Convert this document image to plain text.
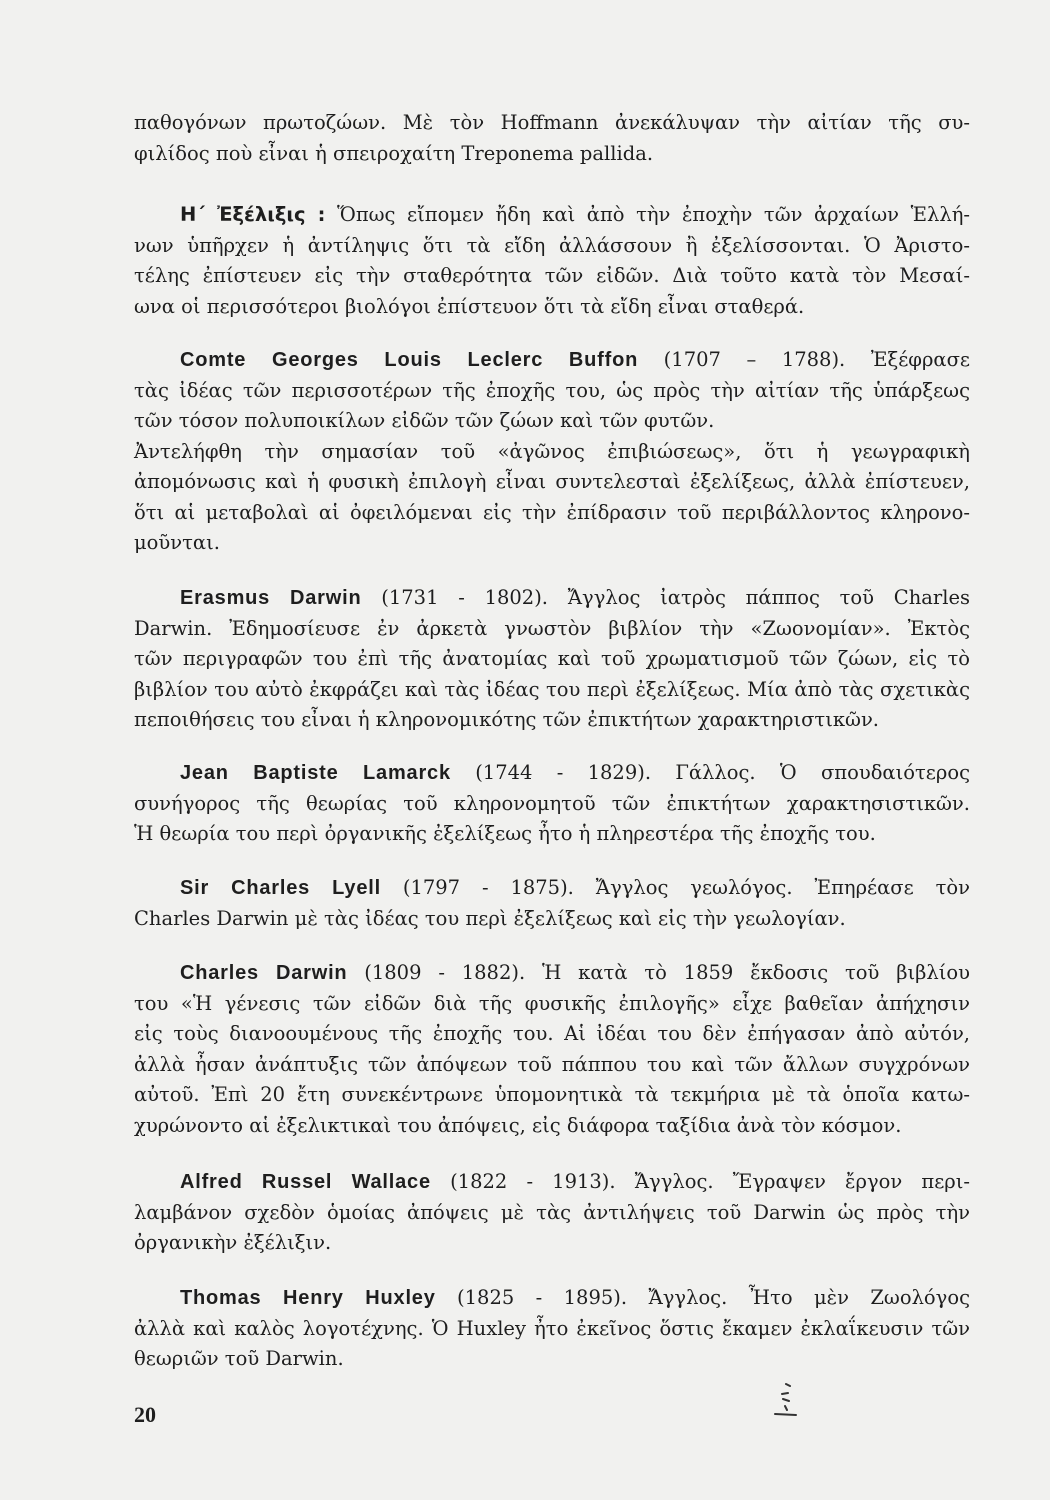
παθογόνων πρωτοζώων. Μὲ τὸν Hoffmann ἀνεκάλυψαν τὴν αἰτίαν τῆς συ-
φιλίδος ποὺ εἶναι ἡ σπειροχαίτη Treponema pallida.

Η΄ Ἐξέλιξις : Ὅπως εἴπομεν ἤδη καὶ ἀπὸ τὴν ἐποχὴν τῶν ἀρχαίων Ἑλλή-
νων ὑπῆρχεν ἡ ἀντίληψις ὅτι τὰ εἴδη ἀλλάσσουν ἢ ἐξελίσσονται. Ὁ Ἀριστο-
τέλης ἐπίστευεν εἰς τὴν σταθερότητα τῶν εἰδῶν. Διὰ τοῦτο κατὰ τὸν Μεσαί-
ωνα οἱ περισσότεροι βιολόγοι ἐπίστευον ὅτι τὰ εἴδη εἶναι σταθερά.

Comte Georges Louis Leclerc Buffon (1707 – 1788). Ἐξέφρασε
τὰς ἰδέας τῶν περισσοτέρων τῆς ἐποχῆς του, ὡς πρὸς τὴν αἰτίαν τῆς ὑπάρξεως
τῶν τόσον πολυποικίλων εἰδῶν τῶν ζώων καὶ τῶν φυτῶν.
Ἀντελήφθη τὴν σημασίαν τοῦ «ἀγῶνος ἐπιβιώσεως», ὅτι ἡ γεωγραφικὴ
ἀπομόνωσις καὶ ἡ φυσικὴ ἐπιλογὴ εἶναι συντελεσταὶ ἐξελίξεως, ἀλλὰ ἐπίστευεν,
ὅτι αἱ μεταβολαὶ αἱ ὀφειλόμεναι εἰς τὴν ἐπίδρασιν τοῦ περιβάλλοντος κληρονο-
μοῦνται.

Erasmus Darwin (1731 - 1802). Ἄγγλος ἰατρὸς πάππος τοῦ Charles
Darwin. Ἐδημοσίευσε ἐν ἀρκετὰ γνωστὸν βιβλίον τὴν «Ζωονομίαν». Ἐκτὸς
τῶν περιγραφῶν του ἐπὶ τῆς ἀνατομίας καὶ τοῦ χρωματισμοῦ τῶν ζώων, εἰς τὸ
βιβλίον του αὐτὸ ἐκφράζει καὶ τὰς ἰδέας του περὶ ἐξελίξεως. Μία ἀπὸ τὰς σχετικὰς
πεποιθήσεις του εἶναι ἡ κληρονομικότης τῶν ἐπικτήτων χαρακτηριστικῶν.

Jean Baptiste Lamarck (1744 - 1829). Γάλλος. Ὁ σπουδαιότερος
συνήγορος τῆς θεωρίας τοῦ κληρονομητοῦ τῶν ἐπικτήτων χαρακτησιστικῶν.
Ἡ θεωρία του περὶ ὀργανικῆς ἐξελίξεως ἦτο ἡ πληρεστέρα τῆς ἐποχῆς του.

Sir Charles Lyell (1797 - 1875). Ἄγγλος γεωλόγος. Ἐπηρέασε τὸν
Charles Darwin μὲ τὰς ἰδέας του περὶ ἐξελίξεως καὶ εἰς τὴν γεωλογίαν.

Charles Darwin (1809 - 1882). Ἡ κατὰ τὸ 1859 ἔκδοσις τοῦ βιβλίου
του «Ἡ γένεσις τῶν εἰδῶν διὰ τῆς φυσικῆς ἐπιλογῆς» εἶχε βαθεῖαν ἀπήχησιν
εἰς τοὺς διανοουμένους τῆς ἐποχῆς του. Αἱ ἰδέαι του δὲν ἐπήγασαν ἀπὸ αὐτόν,
ἀλλὰ ἦσαν ἀνάπτυξις τῶν ἀπόψεων τοῦ πάππου του καὶ τῶν ἄλλων συγχρόνων
αὐτοῦ. Ἐπὶ 20 ἔτη συνεκέντρωνε ὑπομονητικὰ τὰ τεκμήρια μὲ τὰ ὁποῖα κατω-
χυρώνοντο αἱ ἐξελικτικαὶ του ἀπόψεις, εἰς διάφορα ταξίδια ἀνὰ τὸν κόσμον.

Alfred Russel Wallace (1822 - 1913). Ἄγγλος. Ἔγραψεν ἔργον περι-
λαμβάνον σχεδὸν ὁμοίας ἀπόψεις μὲ τὰς ἀντιλήψεις τοῦ Darwin ὡς πρὸς τὴν
ὀργανικὴν ἐξέλιξιν.

Thomas Henry Huxley (1825 - 1895). Ἄγγλος. Ἦτο μὲν Ζωολόγος
ἀλλὰ καὶ καλὸς λογοτέχνης. Ὁ Huxley ἦτο ἐκεῖνος ὅστις ἔκαμεν ἐκλαΐκευσιν τῶν
θεωριῶν τοῦ Darwin.

20
